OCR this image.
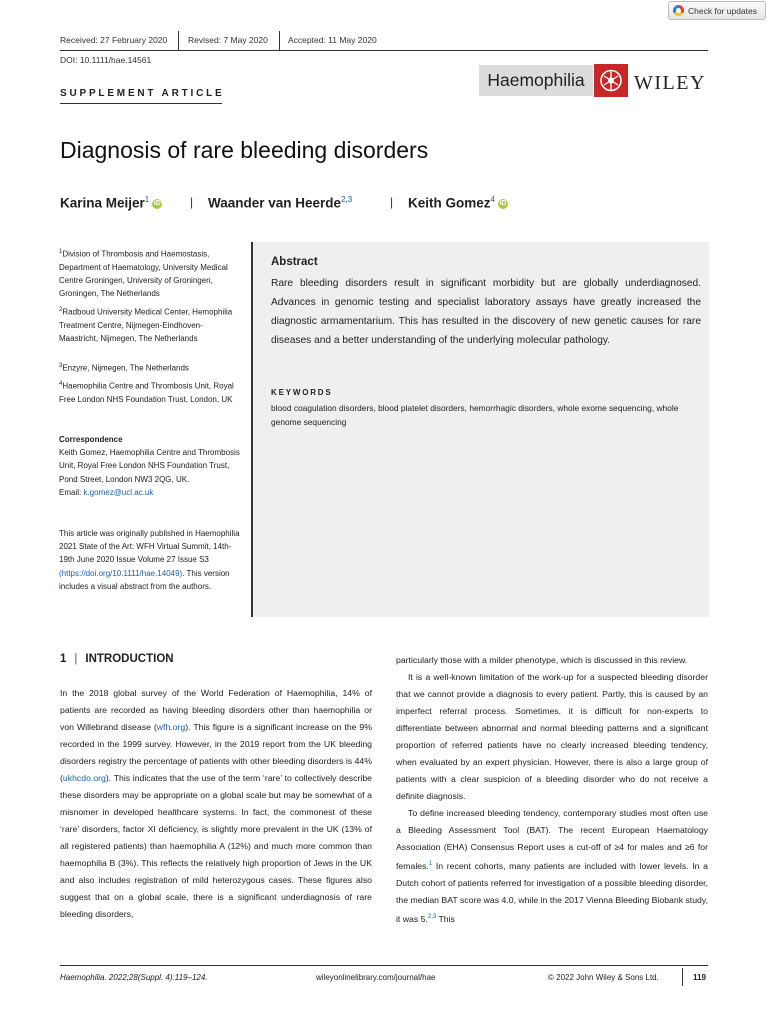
Check for updates
Received: 27 February 2020 Revised: 7 May 2020 Accepted: 11 May 2020
DOI: 10.1111/hae.14561
Haemophilia	WILEY
SUPPLEMENT ARTICLE
Diagnosis of rare bleeding disorders
Karina Meijer$^1$ iD | Waander van Heerde$^{2,3}$	| Keith Gomez$^4$ iD
$^1$Division of Thrombosis and Haemostasis, Department of Haematology, University Medical Centre Groningen, University of Groningen, Groningen, The Netherlands
$^2$Radboud University Medical Center, Hemophilia Treatment Centre, Nijmegen-Eindhoven-Maastricht, Nijmegen, The Netherlands
$^3$Enzyre, Nijmegen, The Netherlands
$^4$Haemophilia Centre and Thrombosis Unit, Royal Free London NHS Foundation Trust, London, UK
Correspondence
Keith Gomez, Haemophilia Centre and Thrombosis Unit, Royal Free London NHS Foundation Trust, Pond Street, London NW3 2QG, UK.
Email: k.gomez@ucl.ac.uk
This article was originally published in Haemophilia 2021 State of the Art: WFH Virtual Summit, 14th-19th June 2020 Issue Volume 27 Issue S3 (https://doi.org/10.1111/hae.14049). This version includes a visual abstract from the authors.
Abstract
Rare bleeding disorders result in significant morbidity but are globally underdiagnosed. Advances in genomic testing and specialist laboratory assays have greatly increased the diagnostic armamentarium. This has resulted in the discovery of new genetic causes for rare diseases and a better understanding of the underlying molecular pathology.
KEYWORDS
blood coagulation disorders, blood platelet disorders, hemorrhagic disorders, whole exome sequencing, whole genome sequencing
1 | INTRODUCTION

In the 2018 global survey of the World Federation of Haemophilia, 14% of patients are recorded as having bleeding disorders other than haemophilia or von Willebrand disease (wfh.org). This figure is a significant increase on the 9% recorded in the 1999 survey. However, in the 2019 report from the UK bleeding disorders registry the percentage of patients with other bleeding disorders is 44% (ukhcdo.org). This indicates that the use of the term ‘rare’ to collectively describe these disorders may be appropriate on a global scale but may be somewhat of a misnomer in developed healthcare systems. In fact, the commonest of these ‘rare’ disorders, factor XI deficiency, is slightly more prevalent in the UK (13% of all registered patients) than haemophilia A (12%) and much more common than haemophilia B (3%). This reflects the relatively high proportion of Jews in the UK and also includes registration of mild heterozygous cases. These figures also suggest that on a global scale, there is a significant underdiagnosis of rare bleeding disorders,

particularly those with a milder phenotype, which is discussed in this review.

It is a well-known limitation of the work-up for a suspected bleeding disorder that we cannot provide a diagnosis to every patient. Partly, this is caused by an imperfect referral process. Sometimes, it is difficult for non-experts to differentiate between abnormal and normal bleeding patterns and a significant proportion of referred patients have no clearly increased bleeding tendency, when evaluated by an expert physician. However, there is also a large group of patients with a clear suspicion of a bleeding disorder who do not receive a definite diagnosis.

To define increased bleeding tendency, contemporary studies most often use a Bleeding Assessment Tool (BAT). The recent European Haematology Association (EHA) Consensus Report uses a cut-off of ≥4 for males and ≥6 for females.$^1$ In recent cohorts, many patients are included with lower levels. In a Dutch cohort of patients referred for investigation of a possible bleeding disorder, the median BAT score was 4.0, while in the 2017 Vienna Bleeding Biobank study, it was 5.$^{2,3}$ This

Haemophilia. 2022;28(Suppl. 4):119–124.	wileyonlinelibrary.com/journal/hae	© 2022 John Wiley & Sons Ltd.	119
